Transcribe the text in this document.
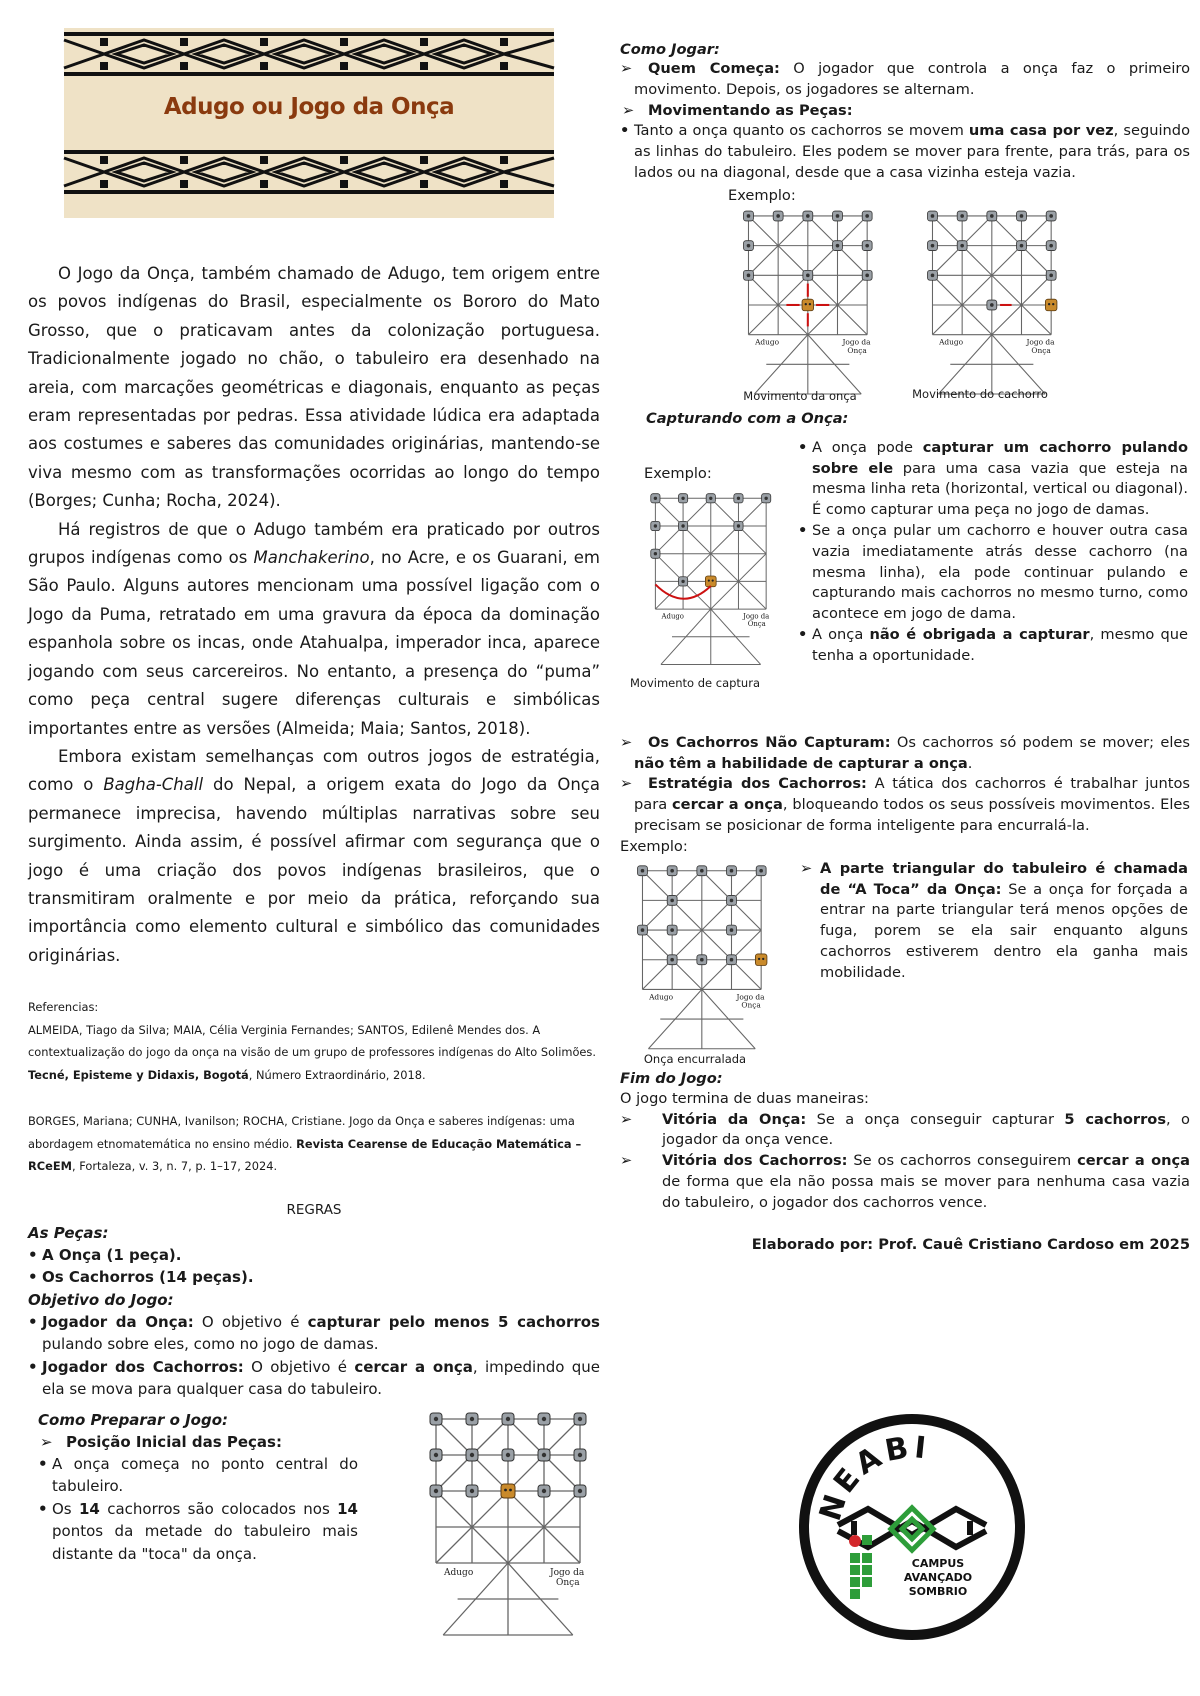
Adugo ou Jogo da Onça

O Jogo da Onça, também chamado de Adugo, tem origem entre os povos indígenas do Brasil, especialmente os Bororo do Mato Grosso, que o praticavam antes da colonização portuguesa. Tradicionalmente jogado no chão, o tabuleiro era desenhado na areia, com marcações geométricas e diagonais, enquanto as peças eram representadas por pedras. Essa atividade lúdica era adaptada aos costumes e saberes das comunidades originárias, mantendo-se viva mesmo com as transformações ocorridas ao longo do tempo (Borges; Cunha; Rocha, 2024).

Há registros de que o Adugo também era praticado por outros grupos indígenas como os Manchakerino, no Acre, e os Guarani, em São Paulo. Alguns autores mencionam uma possível ligação com o Jogo da Puma, retratado em uma gravura da época da dominação espanhola sobre os incas, onde Atahualpa, imperador inca, aparece jogando com seus carcereiros. No entanto, a presença do “puma” como peça central sugere diferenças culturais e simbólicas importantes entre as versões (Almeida; Maia; Santos, 2018).

Embora existam semelhanças com outros jogos de estratégia, como o Bagha-Chall do Nepal, a origem exata do Jogo da Onça permanece imprecisa, havendo múltiplas narrativas sobre seu surgimento. Ainda assim, é possível afirmar com segurança que o jogo é uma criação dos povos indígenas brasileiros, que o transmitiram oralmente e por meio da prática, reforçando sua importância como elemento cultural e simbólico das comunidades originárias.

Referencias:
ALMEIDA, Tiago da Silva; MAIA, Célia Verginia Fernandes; SANTOS, Edilenê Mendes dos. A contextualização do jogo da onça na visão de um grupo de professores indígenas do Alto Solimões. Tecné, Episteme y Didaxis, Bogotá, Número Extraordinário, 2018.
BORGES, Mariana; CUNHA, Ivanilson; ROCHA, Cristiane. Jogo da Onça e saberes indígenas: uma abordagem etnomatemática no ensino médio. Revista Cearense de Educação Matemática – RCeEM, Fortaleza, v. 3, n. 7, p. 1–17, 2024.
REGRAS
As Peças:
• A Onça (1 peça).
• Os Cachorros (14 peças).
Objetivo do Jogo:
• Jogador da Onça: O objetivo é capturar pelo menos 5 cachorros pulando sobre eles, como no jogo de damas.
• Jogador dos Cachorros: O objetivo é cercar a onça, impedindo que ela se mova para qualquer casa do tabuleiro.
Como Preparar o Jogo:
➢ Posição Inicial das Peças:
• A onça começa no ponto central do tabuleiro.
• Os 14 cachorros são colocados nos 14 pontos da metade do tabuleiro mais distante da "toca" da onça.
Adugo	Jogo da
Onça
Como Jogar:
➢ Quem Começa: O jogador que controla a onça faz o primeiro movimento. Depois, os jogadores se alternam.
➢ Movimentando as Peças:
• Tanto a onça quanto os cachorros se movem uma casa por vez, seguindo as linhas do tabuleiro. Eles podem se mover para frente, para trás, para os lados ou na diagonal, desde que a casa vizinha esteja vazia.
Exemplo:
Adugo	Jogo da
Onça
Adugo	Jogo da
Onça
Movimento da onça	Movimento do cachorro
Capturando com a Onça:
Exemplo:
Adugo	Jogo da
Onça
Movimento de captura
• A onça pode capturar um cachorro pulando sobre ele para uma casa vazia que esteja na mesma linha reta (horizontal, vertical ou diagonal). É como capturar uma peça no jogo de damas.
• Se a onça pular um cachorro e houver outra casa vazia imediatamente atrás desse cachorro (na mesma linha), ela pode continuar pulando e capturando mais cachorros no mesmo turno, como acontece em jogo de dama.
• A onça não é obrigada a capturar, mesmo que tenha a oportunidade.
➢ Os Cachorros Não Capturam: Os cachorros só podem se mover; eles não têm a habilidade de capturar a onça.
➢ Estratégia dos Cachorros: A tática dos cachorros é trabalhar juntos para cercar a onça, bloqueando todos os seus possíveis movimentos. Eles precisam se posicionar de forma inteligente para encurralá-la.
Exemplo:
Adugo	Jogo da
Onça
Onça encurralada
➢ A parte triangular do tabuleiro é chamada de “A Toca” da Onça: Se a onça for forçada a entrar na parte triangular terá menos opções de fuga, porem se ela sair enquanto alguns cachorros estiverem dentro ela ganha mais mobilidade.
Fim do Jogo:
O jogo termina de duas maneiras:
➢ Vitória da Onça: Se a onça conseguir capturar 5 cachorros, o jogador da onça vence.
➢ Vitória dos Cachorros: Se os cachorros conseguirem cercar a onça de forma que ela não possa mais se mover para nenhuma casa vazia do tabuleiro, o jogador dos cachorros vence.
Elaborado por: Prof. Cauê Cristiano Cardoso em 2025
NEABI
CAMPUS
AVANÇADO
SOMBRIO
